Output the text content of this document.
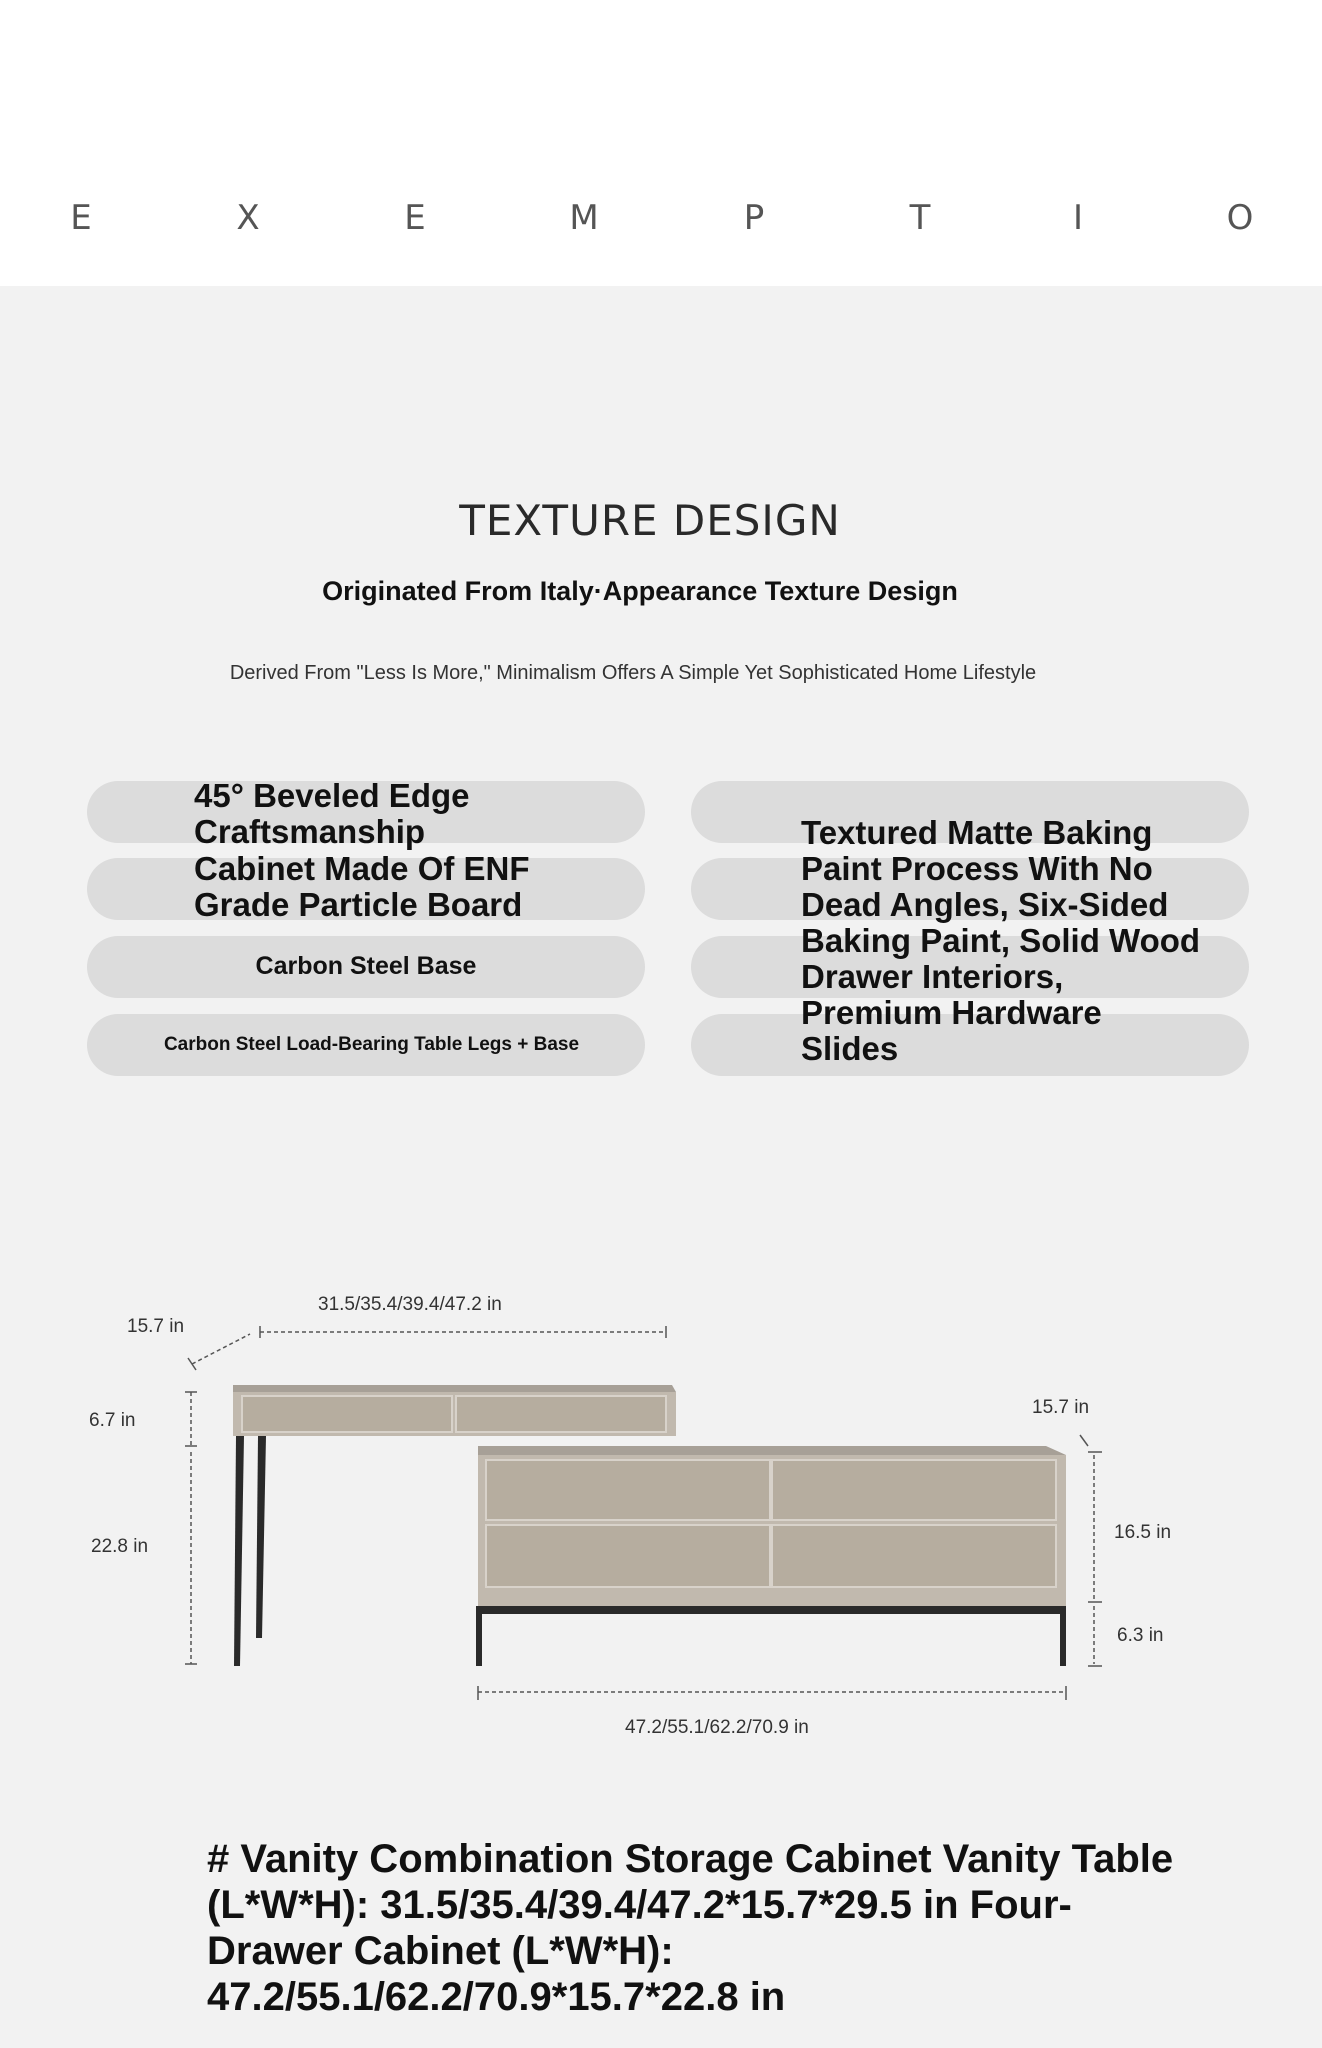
E	X	E	M	P	T	I	O
TEXTURE DESIGN
Originated From Italy·Appearance Texture Design
Derived From "Less Is More," Minimalism Offers A Simple Yet Sophisticated Home Lifestyle
45° Beveled Edge Craftsmanship
Cabinet Made Of ENF Grade Particle Board
Carbon Steel Base
Carbon Steel Load-Bearing Table Legs + Base
Textured Matte Baking Paint Process With No Dead Angles, Six-Sided Baking Paint, Solid Wood Drawer Interiors, Premium Hardware Slides
15.7 in
31.5/35.4/39.4/47.2 in
6.7 in
22.8 in
15.7 in
16.5 in
6.3 in
47.2/55.1/62.2/70.9 in
# Vanity Combination Storage Cabinet Vanity Table (L*W*H): 31.5/35.4/39.4/47.2*15.7*29.5 in Four-Drawer Cabinet (L*W*H): 47.2/55.1/62.2/70.9*15.7*22.8 in
